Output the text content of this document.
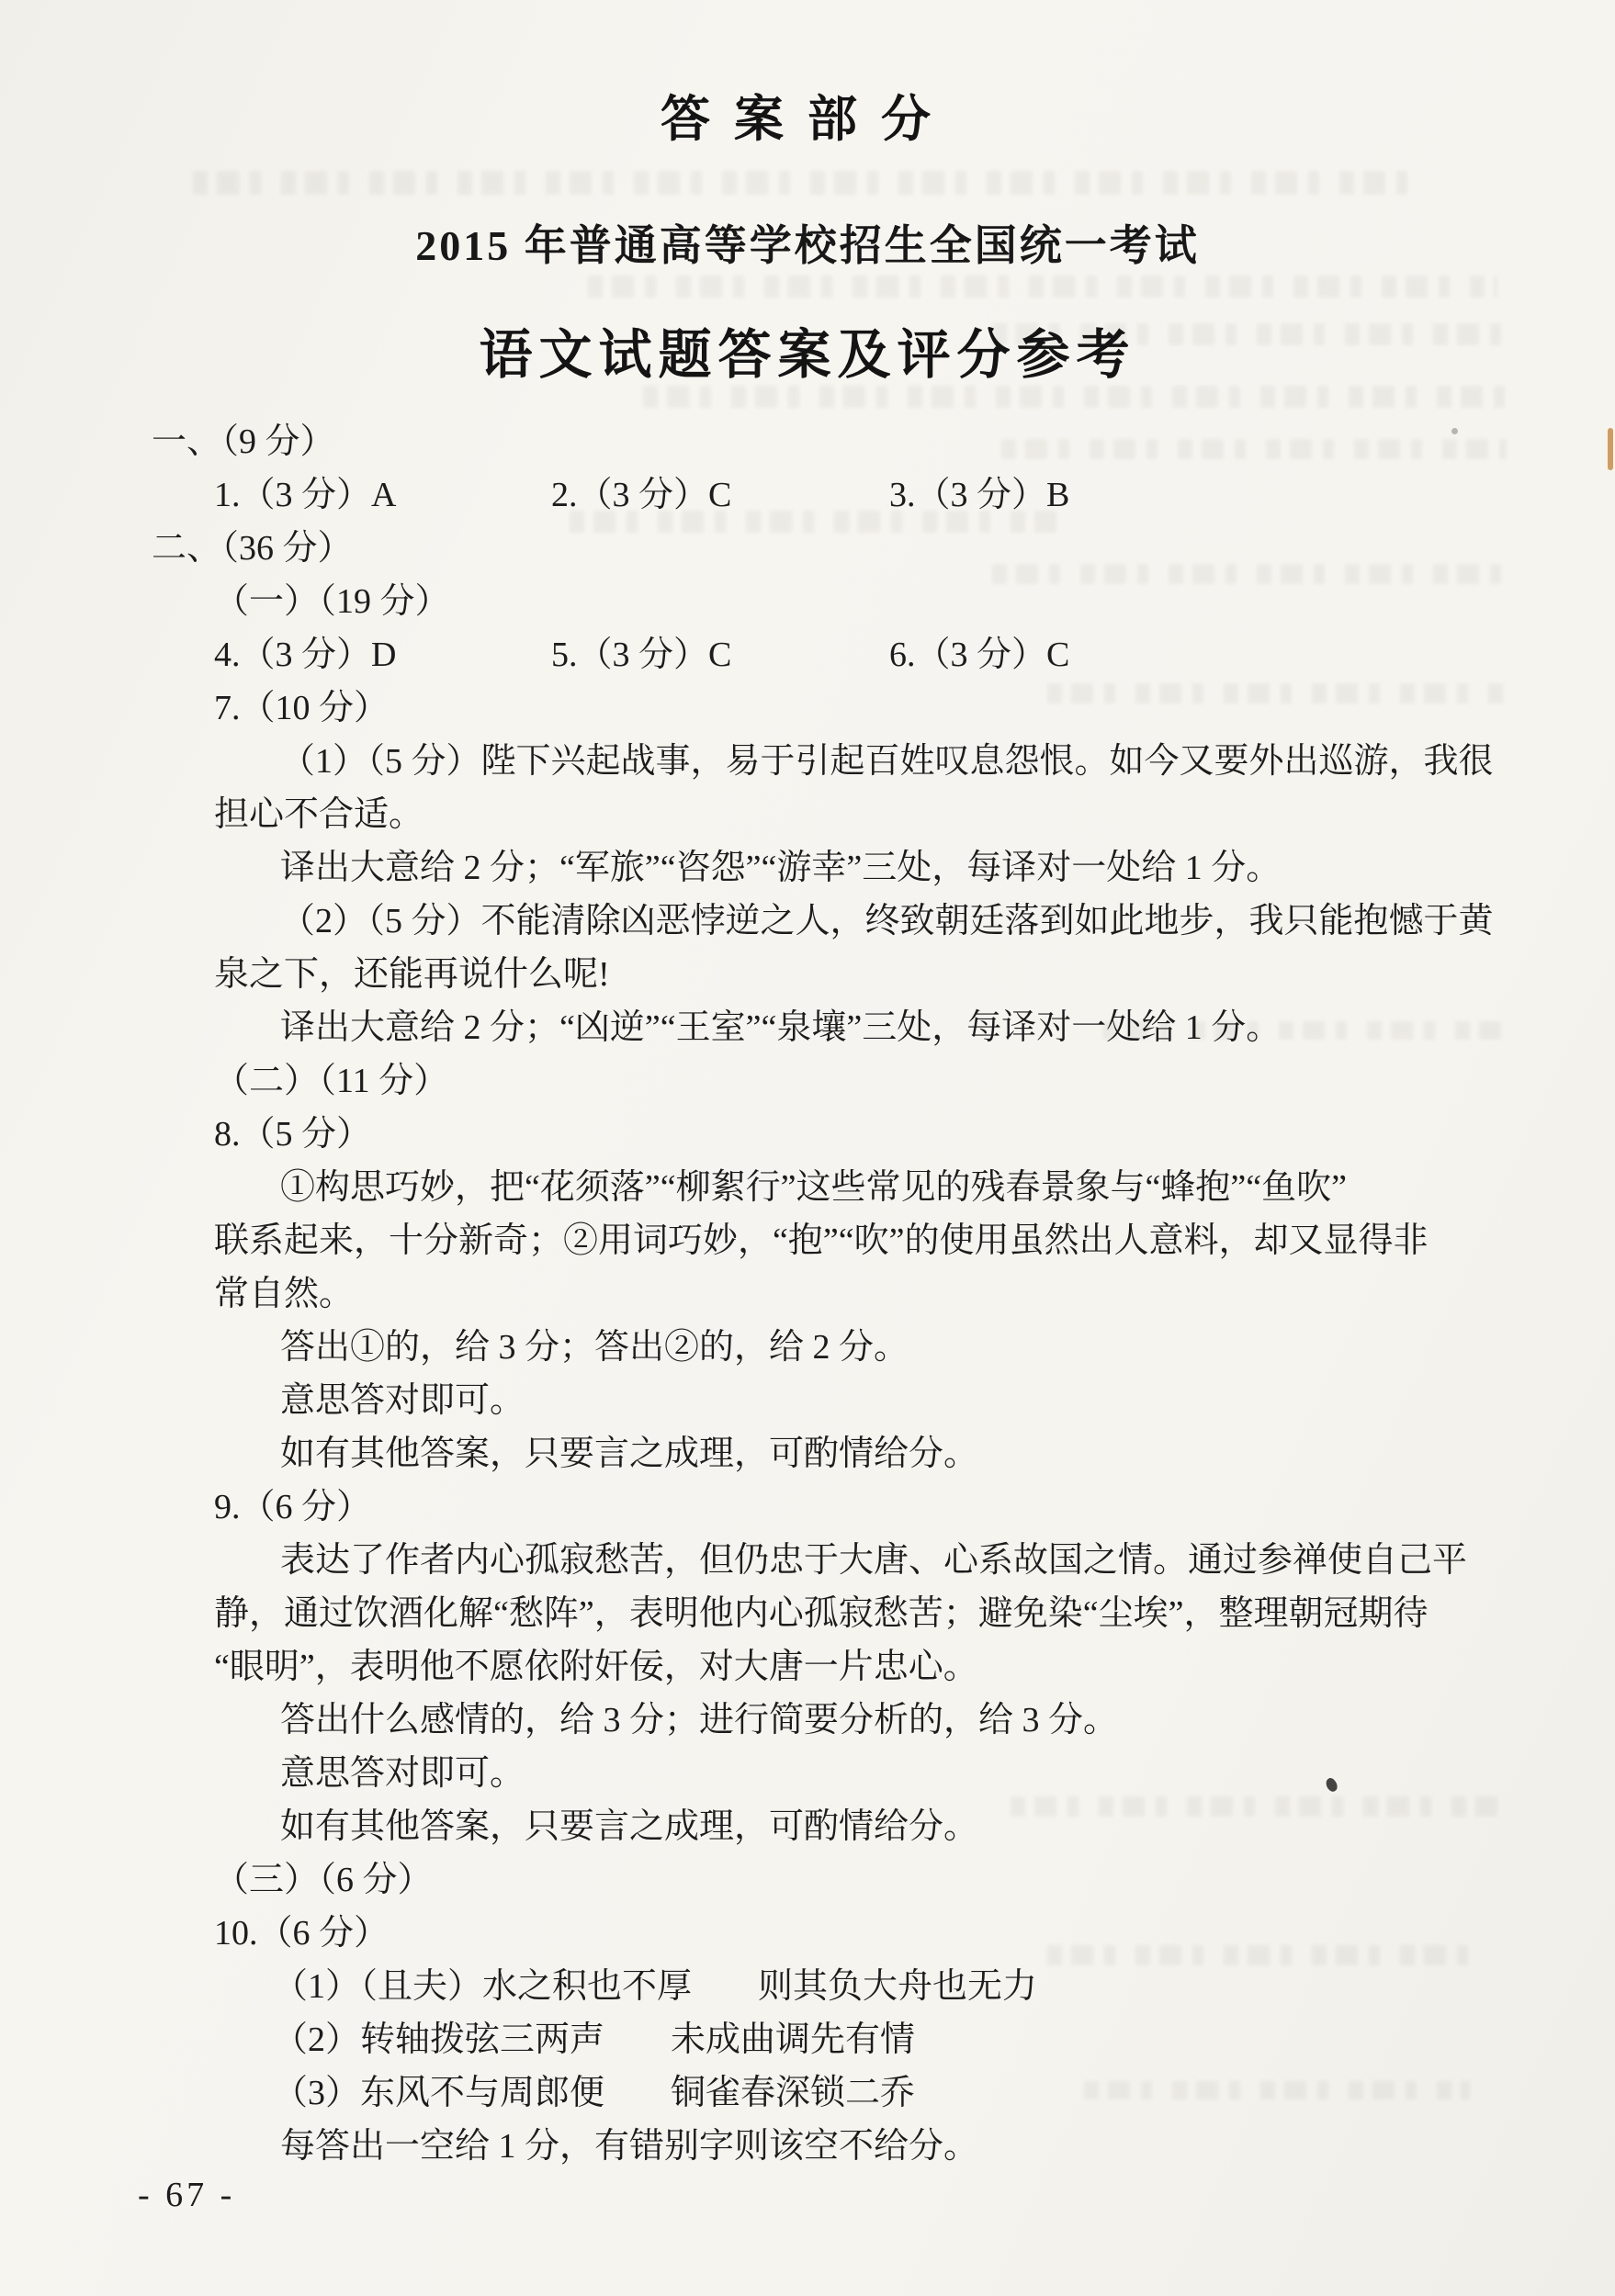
答案部分
2015 年普通高等学校招生全国统一考试
语文试题答案及评分参考
一、（9 分）
1.（3 分）A	2.（3 分）C	3.（3 分）B
二、（36 分）
（一）（19 分）
4.（3 分）D	5.（3 分）C	6.（3 分）C
7.（10 分）
（1）（5 分）陛下兴起战事，易于引起百姓叹息怨恨。如今又要外出巡游，我很
担心不合适。
译出大意给 2 分；“军旅”“咨怨”“游幸”三处，每译对一处给 1 分。
（2）（5 分）不能清除凶恶悖逆之人，终致朝廷落到如此地步，我只能抱憾于黄
泉之下，还能再说什么呢!
译出大意给 2 分；“凶逆”“王室”“泉壤”三处，每译对一处给 1 分。
（二）（11 分）
8.（5 分）
①构思巧妙，把“花须落”“柳絮行”这些常见的残春景象与“蜂抱”“鱼吹”
联系起来，十分新奇；②用词巧妙，“抱”“吹”的使用虽然出人意料，却又显得非
常自然。
答出①的，给 3 分；答出②的，给 2 分。
意思答对即可。
如有其他答案，只要言之成理，可酌情给分。
9.（6 分）
表达了作者内心孤寂愁苦，但仍忠于大唐、心系故国之情。通过参禅使自己平
静，通过饮酒化解“愁阵”，表明他内心孤寂愁苦；避免染“尘埃”，整理朝冠期待
“眼明”，表明他不愿依附奸佞，对大唐一片忠心。
答出什么感情的，给 3 分；进行简要分析的，给 3 分。
意思答对即可。
如有其他答案，只要言之成理，可酌情给分。
（三）（6 分）
10.（6 分）
（1）（且夫）水之积也不厚 则其负大舟也无力
（2）转轴拨弦三两声 未成曲调先有情
（3）东风不与周郎便 铜雀春深锁二乔
每答出一空给 1 分，有错别字则该空不给分。
- 67 -
